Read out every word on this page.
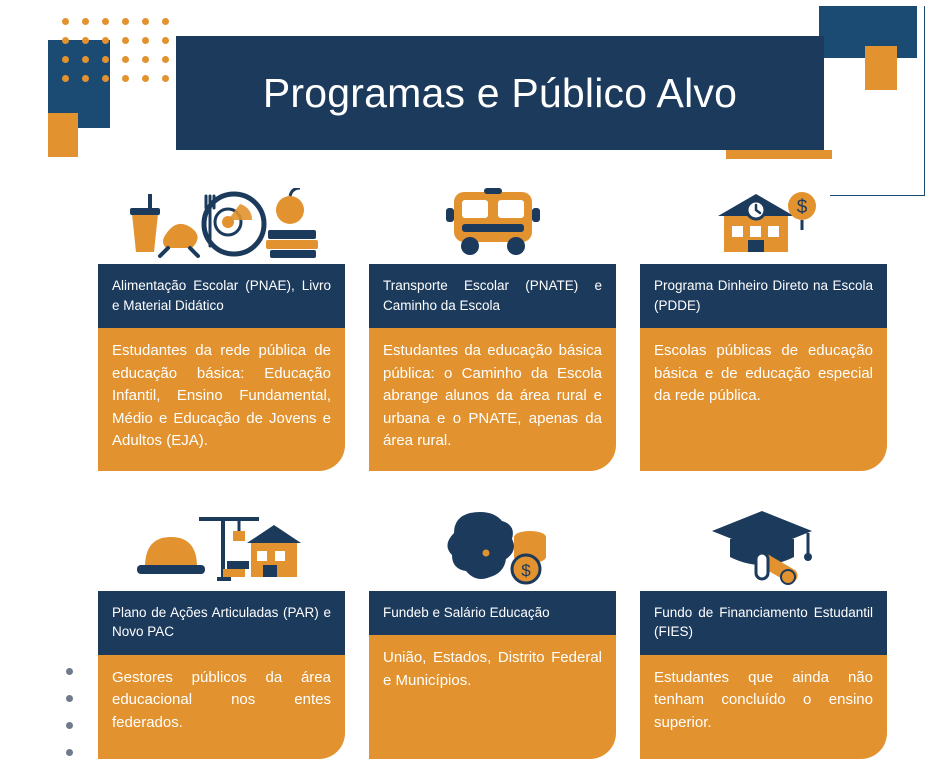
Programas e Público Alvo
Alimentação Escolar (PNAE), Livro e Material Didático
Estudantes da rede pública de educação básica: Educação Infantil, Ensino Fundamental, Médio e Educação de Jovens e Adultos (EJA).
Transporte Escolar (PNATE) e Caminho da Escola
Estudantes da educação básica pública: o Caminho da Escola abrange alunos da área rural e urbana e o PNATE, apenas da área rural.
$
Programa Dinheiro Direto na Escola (PDDE)
Escolas públicas de educação básica e de educação especial da rede pública.
Plano de Ações Articuladas (PAR) e Novo PAC
Gestores públicos da área educacional nos entes federados.
$
Fundeb e Salário Educação
União, Estados, Distrito Federal e Municípios.
Fundo de Financiamento Estudantil (FIES)
Estudantes que ainda não tenham concluído o ensino superior.
